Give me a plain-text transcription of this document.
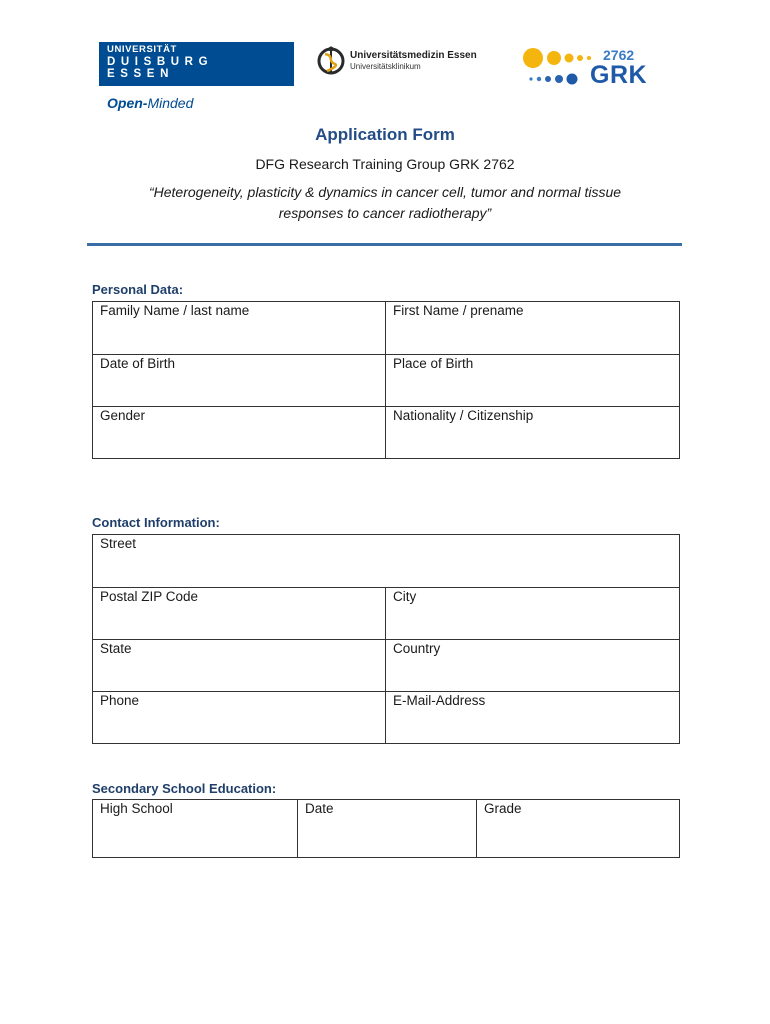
UNIVERSITÄT
DUISBURG
ESSEN
Open-Minded
Universitätsmedizin Essen
Universitätsklinikum
2762
GRK
Application Form
DFG Research Training Group GRK 2762
“Heterogeneity, plasticity & dynamics in cancer cell, tumor and normal tissue
responses to cancer radiotherapy”
Personal Data:
Family Name / last name	First Name / prename

Date of Birth	Place of Birth

Gender	Nationality / Citizenship
Contact Information:
Street	

Postal ZIP Code	City

State	Country

Phone	E-Mail-Address
Secondary School Education:
High School	Date	Grade
